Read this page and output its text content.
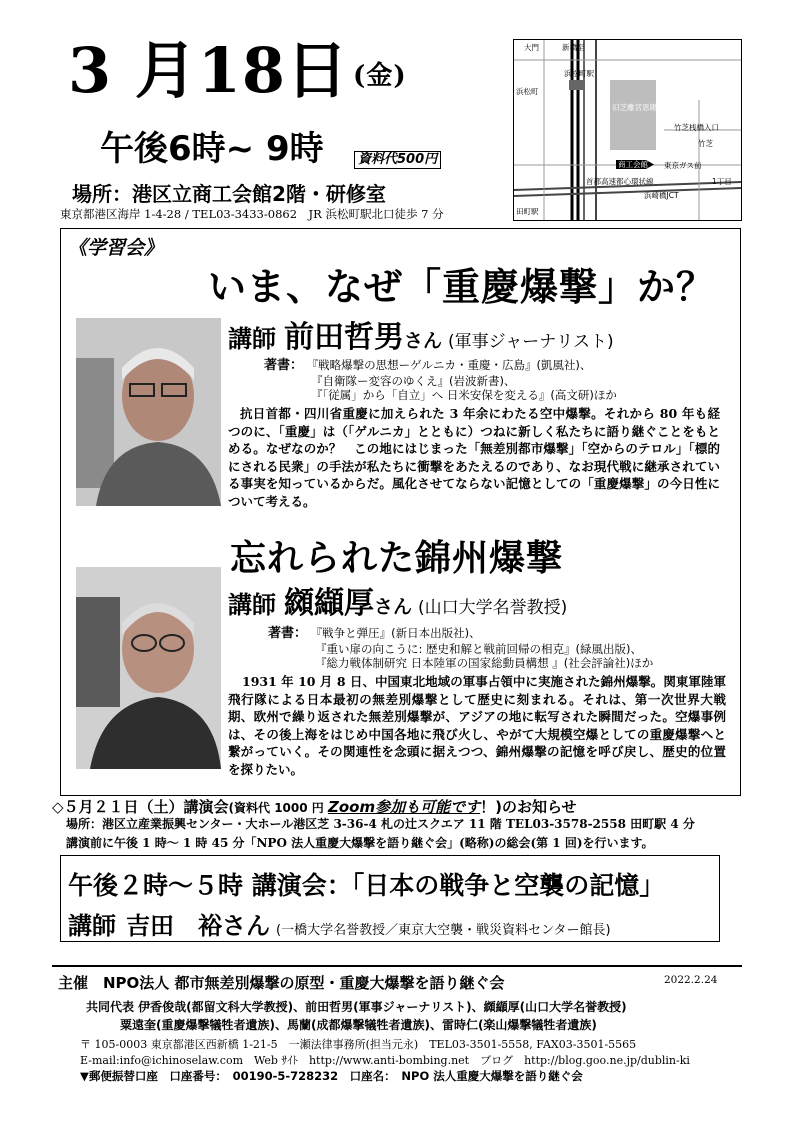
3 月18日 (金)
午後6時~ 9時	資料代500円
場所：港区立商工会館2階・研修室
東京都港区海岸 1-4-28 / TEL03-3433-0862　JR 浜松町駅北口徒歩 7 分
大門	新橋至
浜松町
浜松町駅
旧芝離宮恩賜庭園
竹芝桟橋入口
竹芝
商工会館 東京ガス前
首都高速都心環状線
浜崎橋JCT
1丁目
田町駅
《学習会》
いま、なぜ「重慶爆撃」か？
講師 前田哲男さん (軍事ジャーナリスト)
著書： 『戦略爆撃の思想ーゲルニカ・重慶・広島』(凱風社)、
『自衛隊ー変容のゆくえ』(岩波新書)、
『「従属」から「自立」へ 日米安保を変える』(高文研)ほか
抗日首都・四川省重慶に加えられた 3 年余にわたる空中爆撃。それから 80 年も経つのに、「重慶」は（「ゲルニカ」とともに）つねに新しく私たちに語り継ぐことをもとめる。なぜなのか？　この地にはじまった「無差別都市爆撃」「空からのテロル」「標的にされる民衆」の手法が私たちに衝撃をあたえるのであり、なお現代戦に継承されている事実を知っているからだ。風化させてならない記憶としての「重慶爆撃」の今日性について考える。
忘れられた錦州爆撃
講師 纐纈厚さん (山口大学名誉教授)
著書： 『戦争と弾圧』(新日本出版社)、
『重い扉の向こうに: 歴史和解と戦前回帰の相克』(緑風出版)、
『総力戦体制研究 日本陸軍の国家総動員構想 』(社会評論社)ほか
1931 年 10 月 8 日、中国東北地域の軍事占領中に実施された錦州爆撃。関東軍陸軍飛行隊による日本最初の無差別爆撃として歴史に刻まれる。それは、第一次世界大戦期、欧州で繰り返された無差別爆撃が、アジアの地に転写された瞬間だった。空爆事例は、その後上海をはじめ中国各地に飛び火し、やがて大規模空爆としての重慶爆撃へと繋がっていく。その関連性を念頭に据えつつ、錦州爆撃の記憶を呼び戻し、歴史的位置を探りたい。
◇５月２１日（土）講演会(資料代 1000 円 Zoom参加も可能です！)のお知らせ
場所：港区立産業振興センター・大ホール港区芝 3-36-4 札の辻スクエア 11 階 TEL03-3578-2558 田町駅 4 分
講演前に午後 1 時～ 1 時 45 分「NPO 法人重慶大爆撃を語り継ぐ会」(略称)の総会(第 1 回)を行います。
午後２時～５時 講演会：「日本の戦争と空襲の記憶」
講師 吉田　裕さん (一橋大学名誉教授／東京大空襲・戦災資料センター館長)
主催　NPO法人 都市無差別爆撃の原型・重慶大爆撃を語り継ぐ会	2022.2.24
共同代表 伊香俊哉(都留文科大学教授)、前田哲男(軍事ジャーナリスト)、纐纈厚(山口大学名誉教授)
粟遠奎(重慶爆撃犠牲者遺族)、馬蘭(成都爆撃犠牲者遺族)、雷時仁(楽山爆撃犠牲者遺族)
〒 105-0003 東京都港区西新橋 1-21-5　一瀬法律事務所(担当元永)　TEL03-3501-5558, FAX03-3501-5565
E-mail:info@ichinoselaw.com　Web ｻｲﾄ　http://www.anti-bombing.net　ブログ　http://blog.goo.ne.jp/dublin-ki
▼郵便振替口座　口座番号：　00190-5-728232　口座名：　NPO 法人重慶大爆撃を語り継ぐ会
